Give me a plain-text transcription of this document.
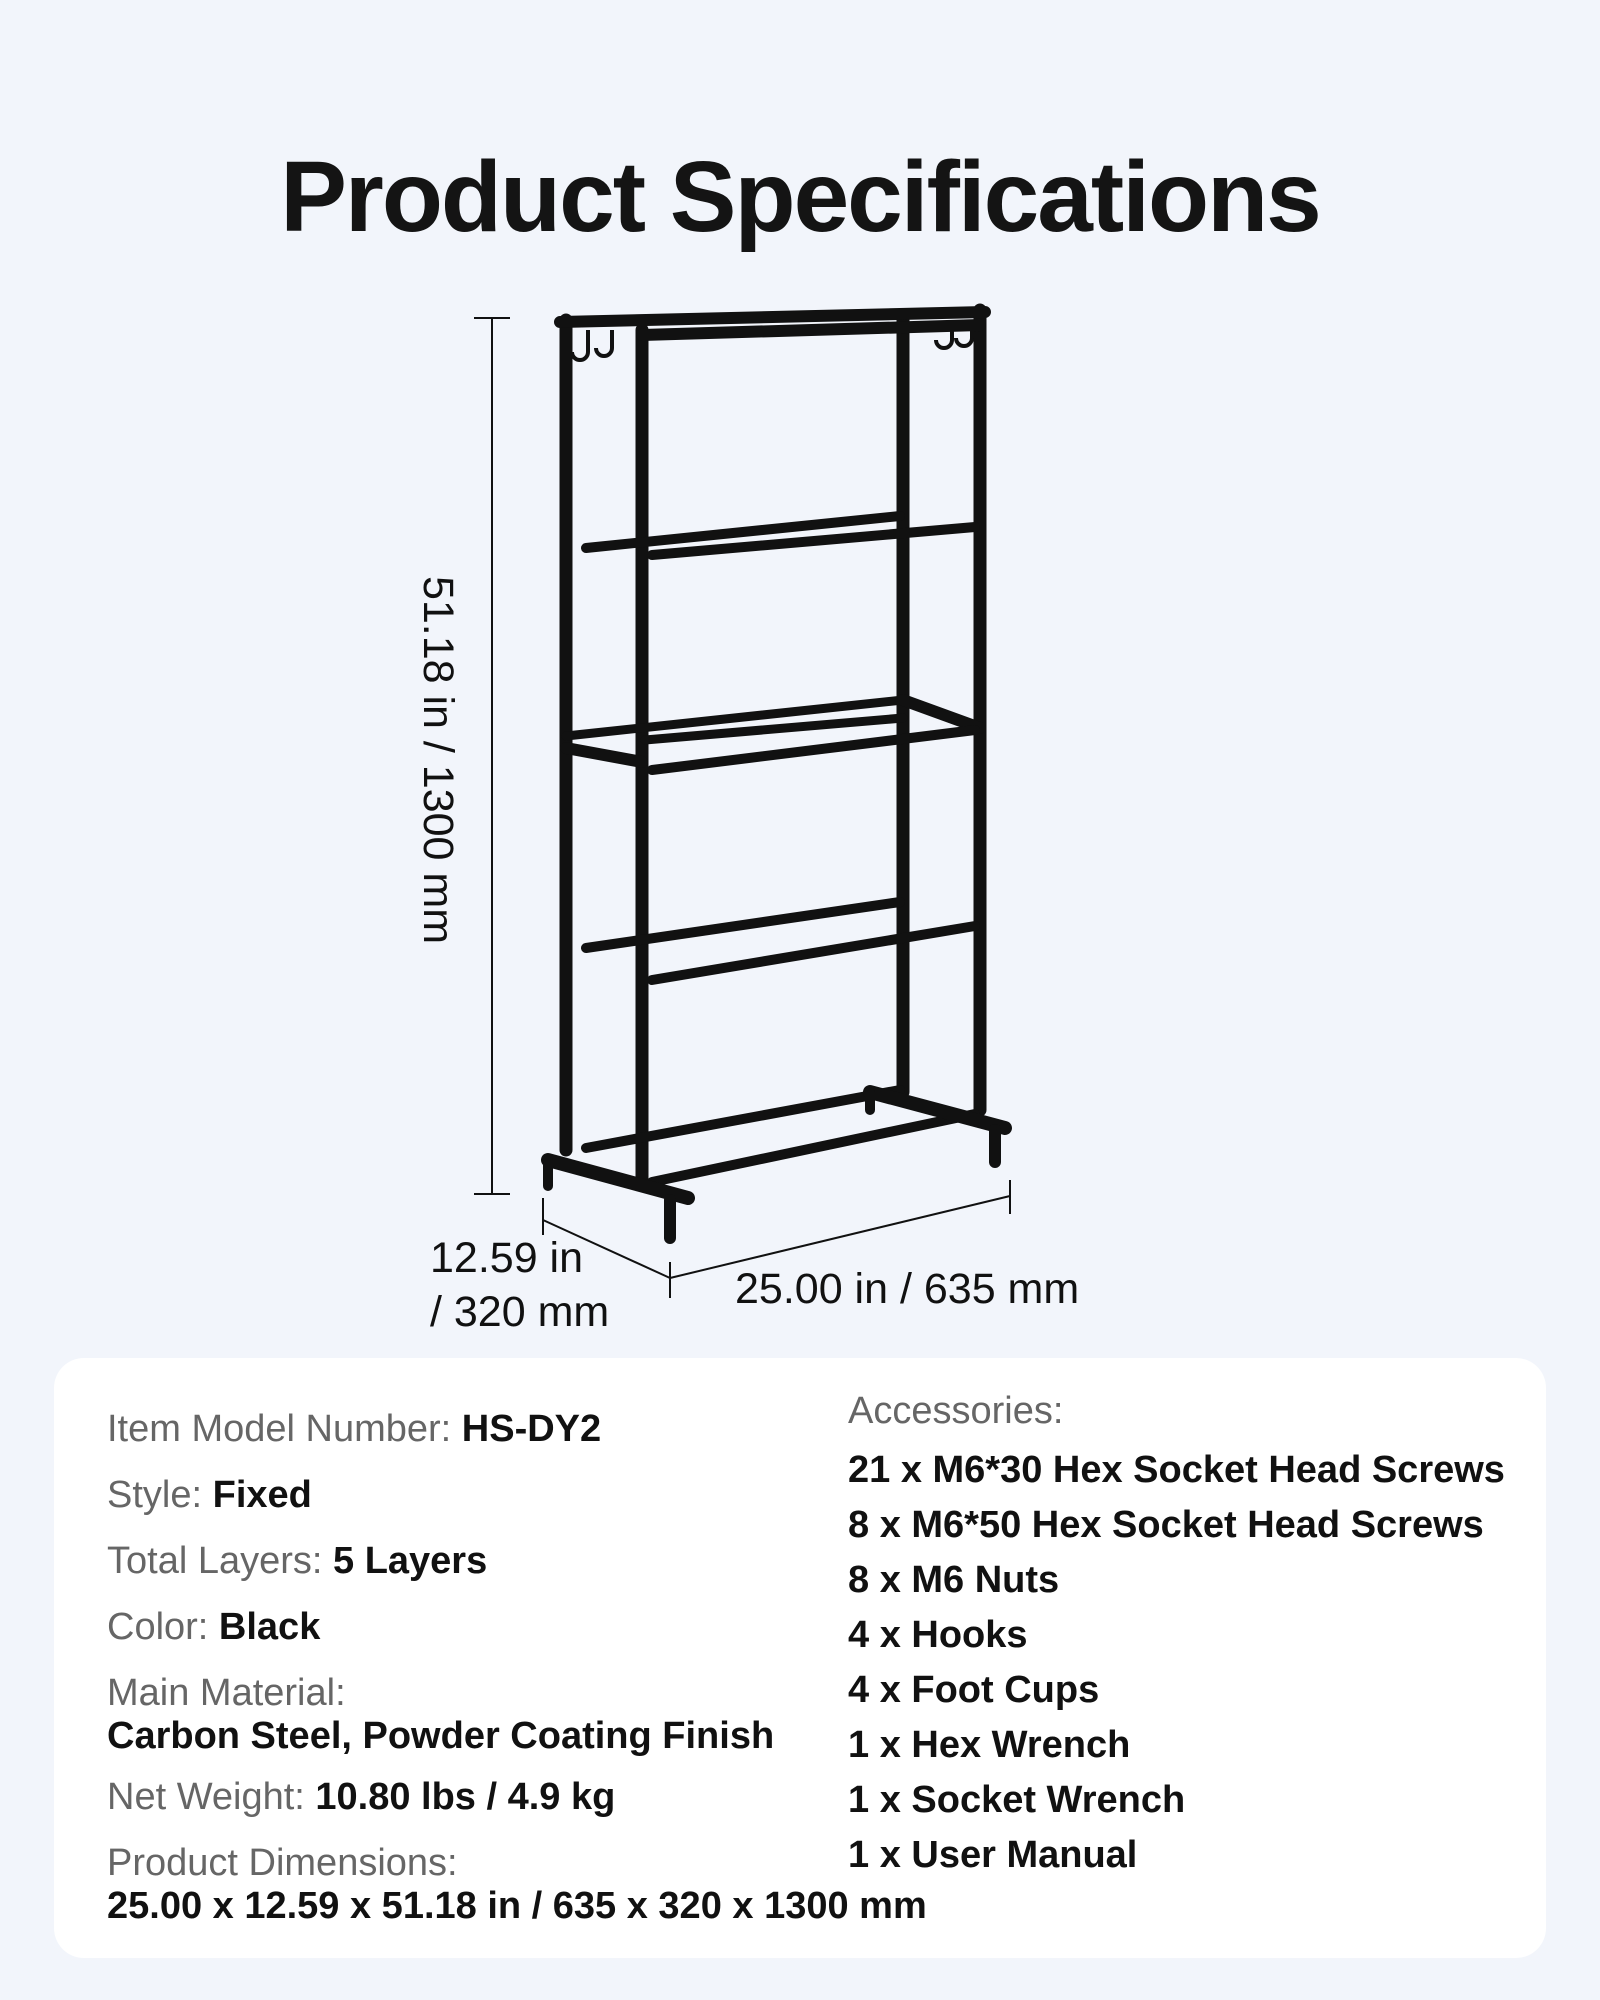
Product Specifications
51.18 in / 1300 mm
12.59 in
/ 320 mm	25.00 in / 635 mm
Item Model Number: HS-DY2
Style: Fixed
Total Layers: 5 Layers
Color: Black
Main Material:
Carbon Steel, Powder Coating Finish
Net Weight: 10.80 lbs / 4.9 kg
Product Dimensions:
25.00 x 12.59 x 51.18 in / 635 x 320 x 1300 mm
Accessories:
21 x M6*30 Hex Socket Head Screws
8 x M6*50 Hex Socket Head Screws
8 x M6 Nuts
4 x Hooks
4 x Foot Cups
1 x Hex Wrench
1 x Socket Wrench
1 x User Manual
